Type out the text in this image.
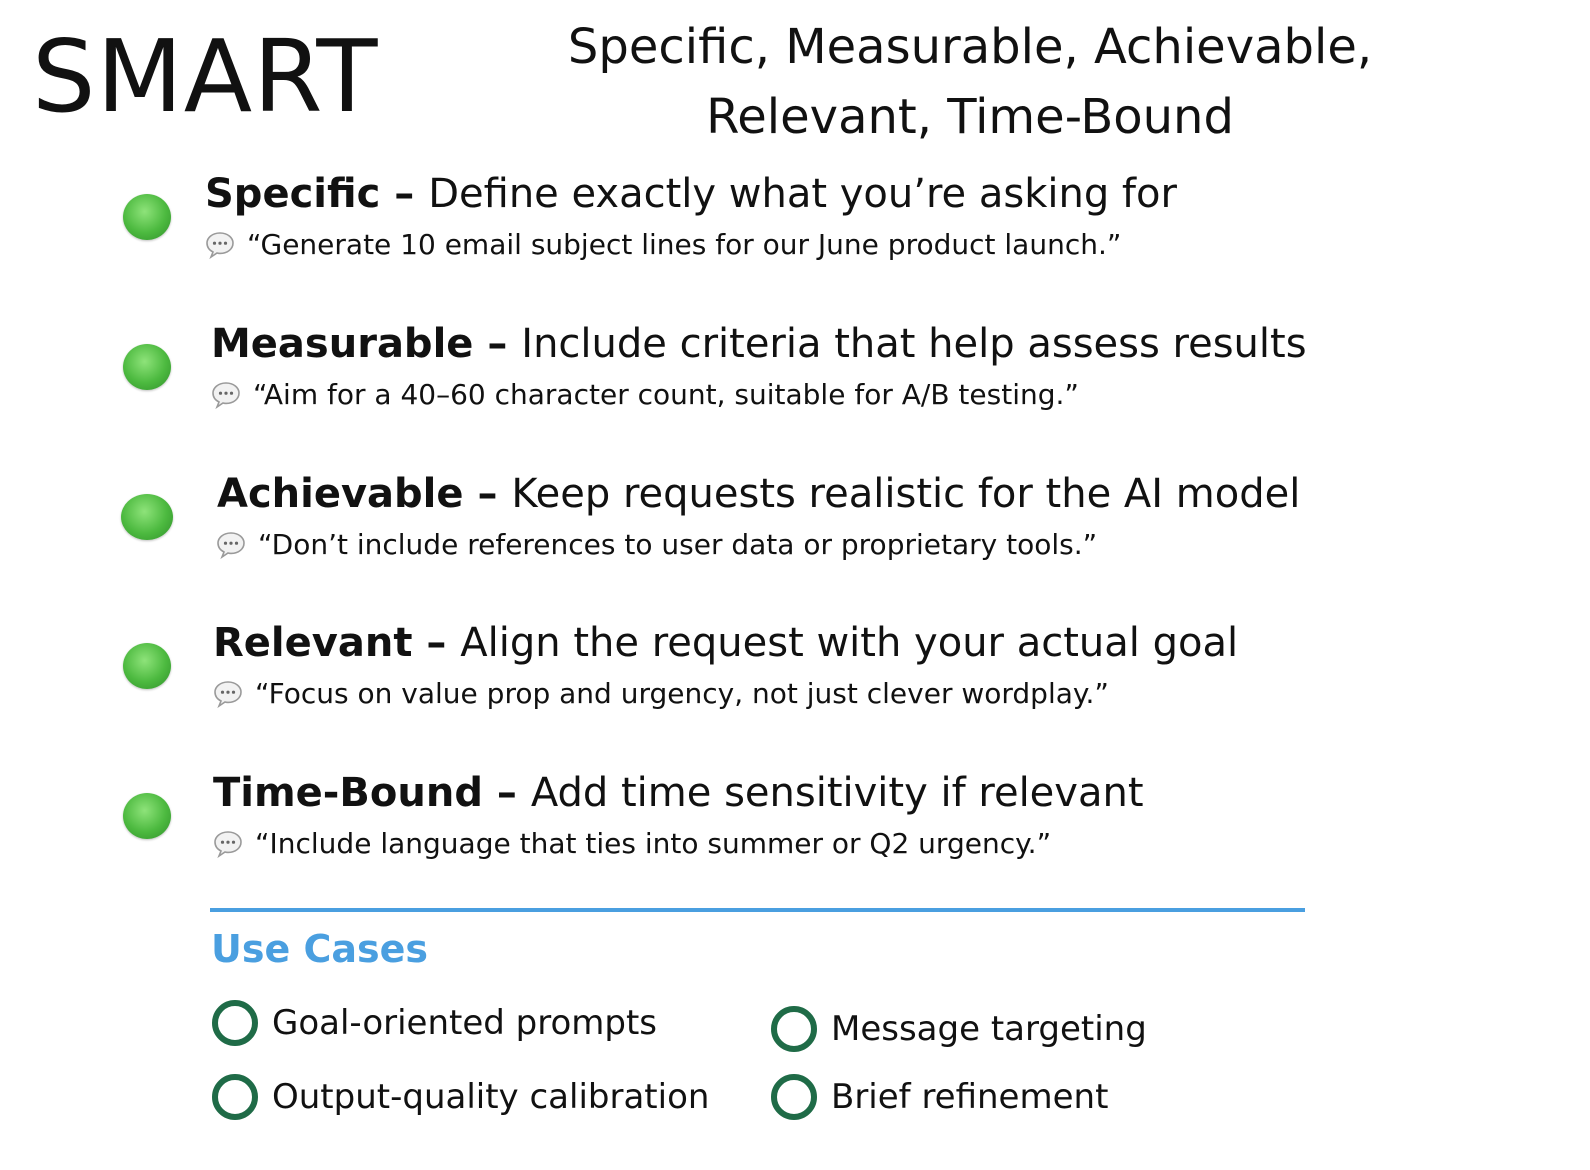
SMART	Specific, Measurable, Achievable,
Relevant, Time-Bound
Specific – Define exactly what you’re asking for
“Generate 10 email subject lines for our June product launch.”
Measurable – Include criteria that help assess results
“Aim for a 40–60 character count, suitable for A/B testing.”
Achievable – Keep requests realistic for the AI model
“Don’t include references to user data or proprietary tools.”
Relevant – Align the request with your actual goal
“Focus on value prop and urgency, not just clever wordplay.”
Time-Bound – Add time sensitivity if relevant
“Include language that ties into summer or Q2 urgency.”
Use Cases
Goal-oriented prompts	Message targeting
Output-quality calibration	Brief refinement
